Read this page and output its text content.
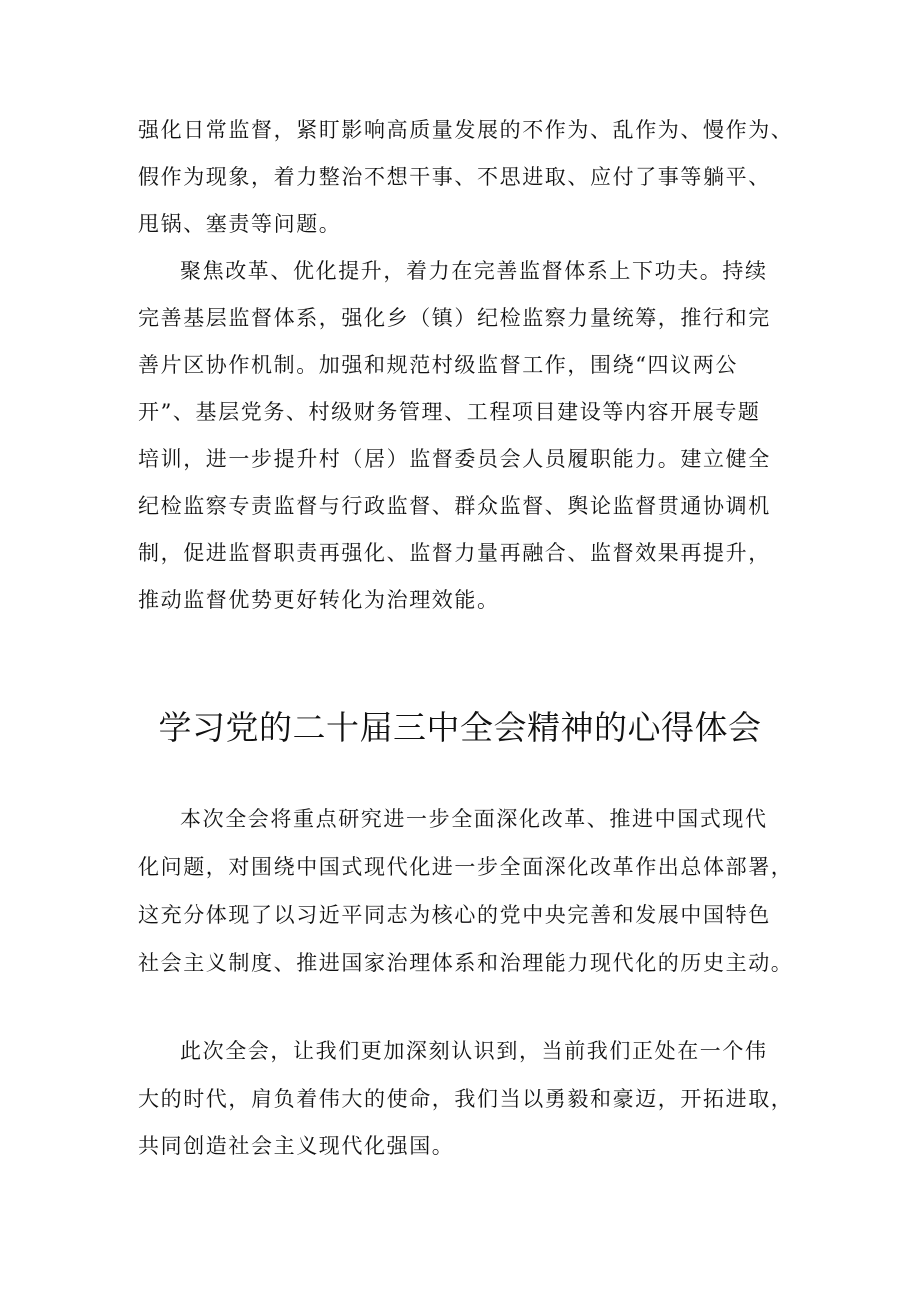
强化日常监督，紧盯影响高质量发展的不作为、乱作为、慢作为、
假作为现象，着力整治不想干事、不思进取、应付了事等躺平、
甩锅、塞责等问题。
聚焦改革、优化提升，着力在完善监督体系上下功夫。持续
完善基层监督体系，强化乡（镇）纪检监察力量统筹，推行和完
善片区协作机制。加强和规范村级监督工作，围绕“四议两公
开”、基层党务、村级财务管理、工程项目建设等内容开展专题
培训，进一步提升村（居）监督委员会人员履职能力。建立健全
纪检监察专责监督与行政监督、群众监督、舆论监督贯通协调机
制，促进监督职责再强化、监督力量再融合、监督效果再提升，
推动监督优势更好转化为治理效能。
学习党的二十届三中全会精神的心得体会
本次全会将重点研究进一步全面深化改革、推进中国式现代
化问题，对围绕中国式现代化进一步全面深化改革作出总体部署，
这充分体现了以习近平同志为核心的党中央完善和发展中国特色
社会主义制度、推进国家治理体系和治理能力现代化的历史主动。
此次全会，让我们更加深刻认识到，当前我们正处在一个伟
大的时代，肩负着伟大的使命，我们当以勇毅和豪迈，开拓进取，
共同创造社会主义现代化强国。
